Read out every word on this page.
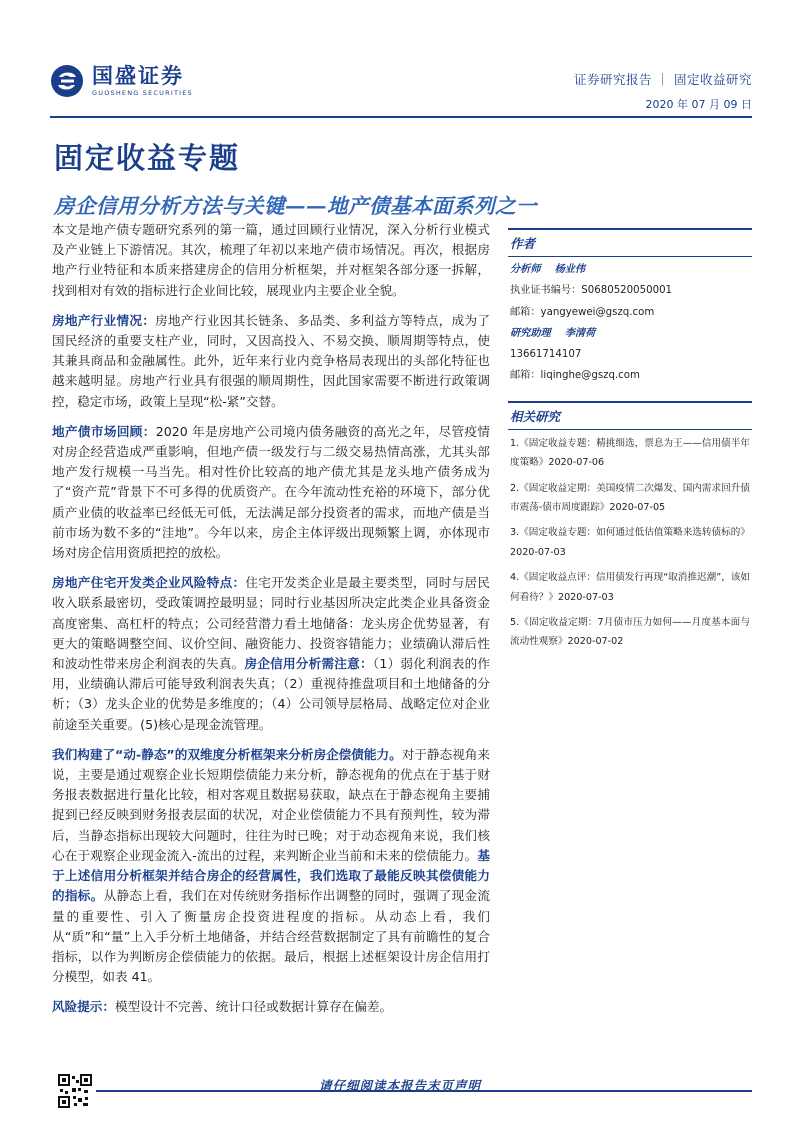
国盛证券
GUOSHENG SECURITIES
证券研究报告 ｜ 固定收益研究
2020 年 07 月 09 日
固定收益专题
房企信用分析方法与关键——地产债基本面系列之一

本文是地产债专题研究系列的第一篇，通过回顾行业情况，深入分析行业模式及产业链上下游情况。其次，梳理了年初以来地产债市场情况。再次，根据房地产行业特征和本质来搭建房企的信用分析框架，并对框架各部分逐一拆解，找到相对有效的指标进行企业间比较，展现业内主要企业全貌。

房地产行业情况：房地产行业因其长链条、多品类、多利益方等特点，成为了国民经济的重要支柱产业，同时，又因高投入、不易交换、顺周期等特点，使其兼具商品和金融属性。此外，近年来行业内竞争格局表现出的头部化特征也越来越明显。房地产行业具有很强的顺周期性，因此国家需要不断进行政策调控，稳定市场，政策上呈现“松-紧”交替。

地产债市场回顾：2020 年是房地产公司境内债务融资的高光之年，尽管疫情对房企经营造成严重影响，但地产债一级发行与二级交易热情高涨，尤其头部地产发行规模一马当先。相对性价比较高的地产债尤其是龙头地产债务成为了“资产荒”背景下不可多得的优质资产。在今年流动性充裕的环境下，部分优质产业债的收益率已经低无可低，无法满足部分投资者的需求，而地产债是当前市场为数不多的“洼地”。今年以来，房企主体评级出现频繁上调，亦体现市场对房企信用资质把控的放松。

房地产住宅开发类企业风险特点：住宅开发类企业是最主要类型，同时与居民收入联系最密切，受政策调控最明显；同时行业基因所决定此类企业具备资金高度密集、高杠杆的特点；公司经营潜力看土地储备：龙头房企优势显著，有更大的策略调整空间、议价空间、融资能力、投资容错能力；业绩确认滞后性和波动性带来房企利润表的失真。房企信用分析需注意：（1）弱化利润表的作用，业绩确认滞后可能导致利润表失真；（2）重视待推盘项目和土地储备的分析；（3）龙头企业的优势是多维度的；（4）公司领导层格局、战略定位对企业前途至关重要。(5)核心是现金流管理。

我们构建了“动-静态”的双维度分析框架来分析房企偿债能力。对于静态视角来说，主要是通过观察企业长短期偿债能力来分析，静态视角的优点在于基于财务报表数据进行量化比较，相对客观且数据易获取，缺点在于静态视角主要捕捉到已经反映到财务报表层面的状况，对企业偿债能力不具有预判性，较为滞后，当静态指标出现较大问题时，往往为时已晚；对于动态视角来说，我们核心在于观察企业现金流入-流出的过程，来判断企业当前和未来的偿债能力。基于上述信用分析框架并结合房企的经营属性，我们选取了最能反映其偿债能力的指标。从静态上看，我们在对传统财务指标作出调整的同时，强调了现金流量的重要性、引入了衡量房企投资进程度的指标。从动态上看，我们从“质”和“量”上入手分析土地储备，并结合经营数据制定了具有前瞻性的复合指标，以作为判断房企偿债能力的依据。最后，根据上述框架设计房企信用打分模型，如表 41。

风险提示：模型设计不完善、统计口径或数据计算存在偏差。

作者
分析师 杨业伟
执业证书编号：S0680520050001
邮箱：yangyewei@gszq.com
研究助理 李清荷
13661714107
邮箱：liqinghe@gszq.com
相关研究
1.《固定收益专题：精挑细选，票息为王——信用债半年度策略》2020-07-06
2.《固定收益定期：美国疫情二次爆发、国内需求回升债市震荡-债市周度跟踪》2020-07-05
3.《固定收益专题：如何通过低估值策略来选转债标的》2020-07-03
4.《固定收益点评：信用债发行再现“取消推迟潮”，该如何看待？》2020-07-03
5.《固定收益定期：7月债市压力如何——月度基本面与流动性观察》2020-07-02
请仔细阅读本报告末页声明
